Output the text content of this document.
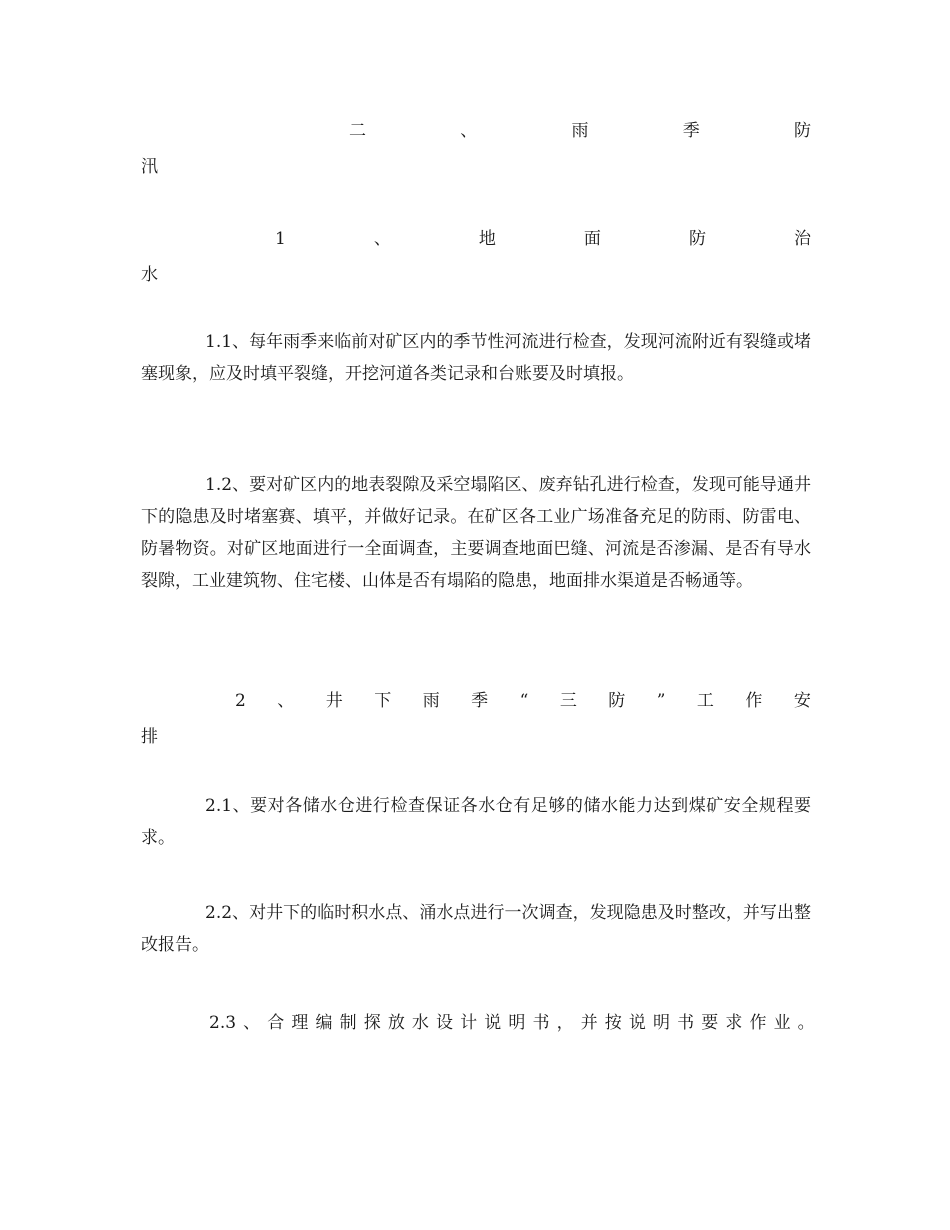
二	、	雨	季	防
汛
1	、	地	面	防	治
水
1.1、每年雨季来临前对矿区内的季节性河流进行检查，发现河流附近有裂缝或堵塞现象，应及时填平裂缝，开挖河道各类记录和台账要及时填报。
1.2、要对矿区内的地表裂隙及采空塌陷区、废弃钻孔进行检查，发现可能导通井下的隐患及时堵塞赛、填平，并做好记录。在矿区各工业广场准备充足的防雨、防雷电、防暑物资。对矿区地面进行一全面调查，主要调查地面巴缝、河流是否渗漏、是否有导水裂隙，工业建筑物、住宅楼、山体是否有塌陷的隐患，地面排水渠道是否畅通等。
2 、 井 下 雨 季 “ 三 防 ” 工 作 安
排
2.1、要对各储水仓进行检查保证各水仓有足够的储水能力达到煤矿安全规程要求。
2.2、对井下的临时积水点、涌水点进行一次调查，发现隐患及时整改，并写出整改报告。
2.3 、 合 理 编 制 探 放 水 设 计 说 明 书 ， 并 按 说 明 书 要 求 作 业 。
